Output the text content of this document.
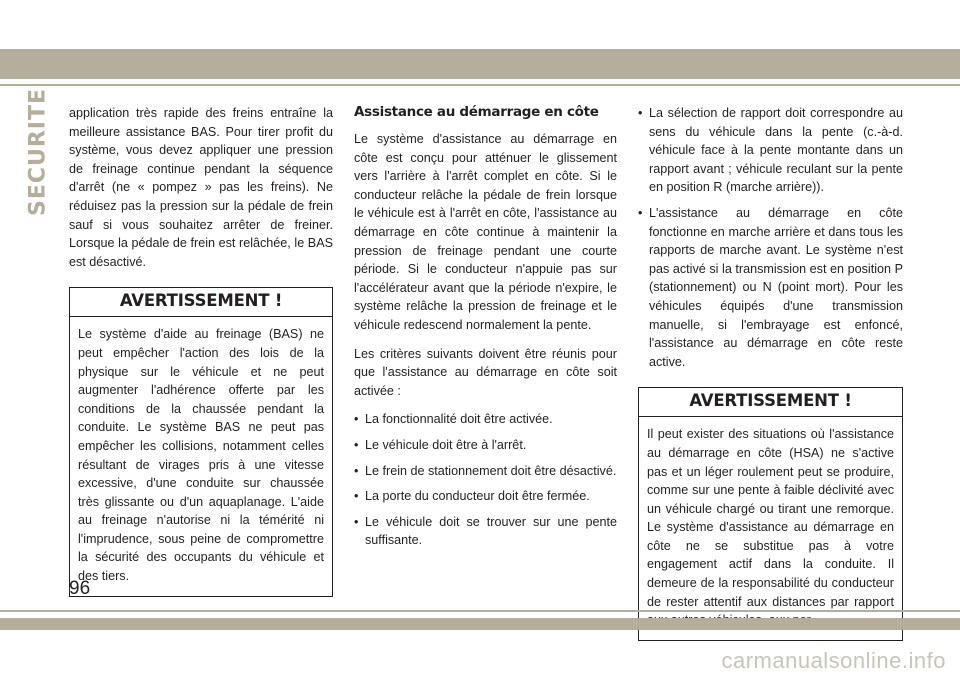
SECURITE application très rapide des freins entraîne la meilleure assistance BAS. Pour tirer profit du système, vous devez appliquer une pression de freinage continue pendant la séquence d'arrêt (ne « pompez » pas les freins). Ne réduisez pas la pression sur la pédale de frein sauf si vous souhaitez arrêter de freiner. Lorsque la pédale de frein est relâchée, le BAS est désactivé.

AVERTISSEMENT !
Le système d'aide au freinage (BAS) ne peut empêcher l'action des lois de la physique sur le véhicule et ne peut augmenter l'adhérence offerte par les conditions de la chaussée pendant la conduite. Le système BAS ne peut pas empêcher les collisions, notamment celles résultant de virages pris à une vitesse excessive, d'une conduite sur chaussée très glissante ou d'un aquaplanage. L'aide au freinage n'autorise ni la témérité ni l'imprudence, sous peine de compromettre la sécurité des occupants du véhicule et des tiers.
Assistance au démarrage en côte

Le système d'assistance au démarrage en côte est conçu pour atténuer le glissement vers l'arrière à l'arrêt complet en côte. Si le conducteur relâche la pédale de frein lorsque le véhicule est à l'arrêt en côte, l'assistance au démarrage en côte continue à maintenir la pression de freinage pendant une courte période. Si le conducteur n'appuie pas sur l'accélérateur avant que la période n'expire, le système relâche la pression de freinage et le véhicule redescend normalement la pente.

Les critères suivants doivent être réunis pour que l'assistance au démarrage en côte soit activée :

• La fonctionnalité doit être activée.
• Le véhicule doit être à l'arrêt.
• Le frein de stationnement doit être désactivé.
• La porte du conducteur doit être fermée.
• Le véhicule doit se trouver sur une pente suffisante.
• La sélection de rapport doit correspondre au sens du véhicule dans la pente (c.-à-d. véhicule face à la pente montante dans un rapport avant ; véhicule reculant sur la pente en position R (marche arrière)).
• L'assistance au démarrage en côte fonctionne en marche arrière et dans tous les rapports de marche avant. Le système n'est pas activé si la transmission est en position P (stationnement) ou N (point mort). Pour les véhicules équipés d'une transmission manuelle, si l'embrayage est enfoncé, l'assistance au démarrage en côte reste active.
AVERTISSEMENT !
Il peut exister des situations où l'assistance au démarrage en côte (HSA) ne s'active pas et un léger roulement peut se produire, comme sur une pente à faible déclivité avec un véhicule chargé ou tirant une remorque. Le système d'assistance au démarrage en côte ne se substitue pas à votre engagement actif dans la conduite. Il demeure de la responsabilité du conducteur de rester attentif aux distances par rapport
96
carmanualsonline.info
